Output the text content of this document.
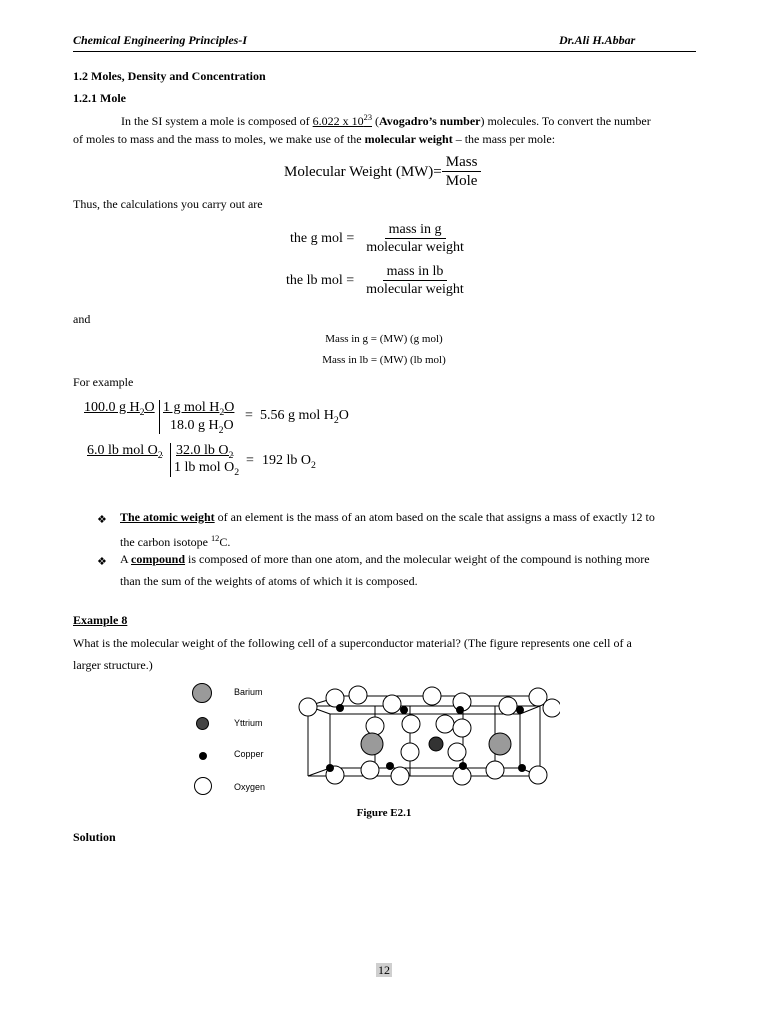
Chemical Engineering Principles-I	Dr.Ali H.Abbar
1.2 Moles, Density and Concentration
1.2.1 Mole
In the SI system a mole is composed of 6.022 x $10^{23}$ (Avogadro’s number) molecules. To convert the number
of moles to mass and the mass to moles, we make use of the molecular weight – the mass per mole:
Molecular Weight $(MW)= \frac{\text{Mass}}{\text{Mole}}$
Thus, the calculations you carry out are
the g mol = $\frac{\text{mass in g}}{\text{molecular weight}}$
the lb mol = $\frac{\text{mass in lb}}{\text{molecular weight}}$
and
Mass in g = (MW) (g mol)
Mass in lb = (MW) (lb mol)
For example
100.0 g $H_2O$ 1 g mol $H_2O$
18.0 g $H_2O$
= 5.56 g mol $H_2O$
6.0 lb mol $O_2$ 32.0 lb $O_2$
1 lb mol $O_2$
= 192 lb $O_2$
❖ The atomic weight of an element is the mass of an atom based on the scale that assigns a mass of exactly 12 to
the carbon isotope $^{12}$C.
❖ A compound is composed of more than one atom, and the molecular weight of the compound is nothing more
than the sum of the weights of atoms of which it is composed.
Example 8
What is the molecular weight of the following cell of a superconductor material? (The figure represents one cell of a
larger structure.)
Barium
Yttrium
Copper
Oxygen
Figure E2.1
Solution
12
